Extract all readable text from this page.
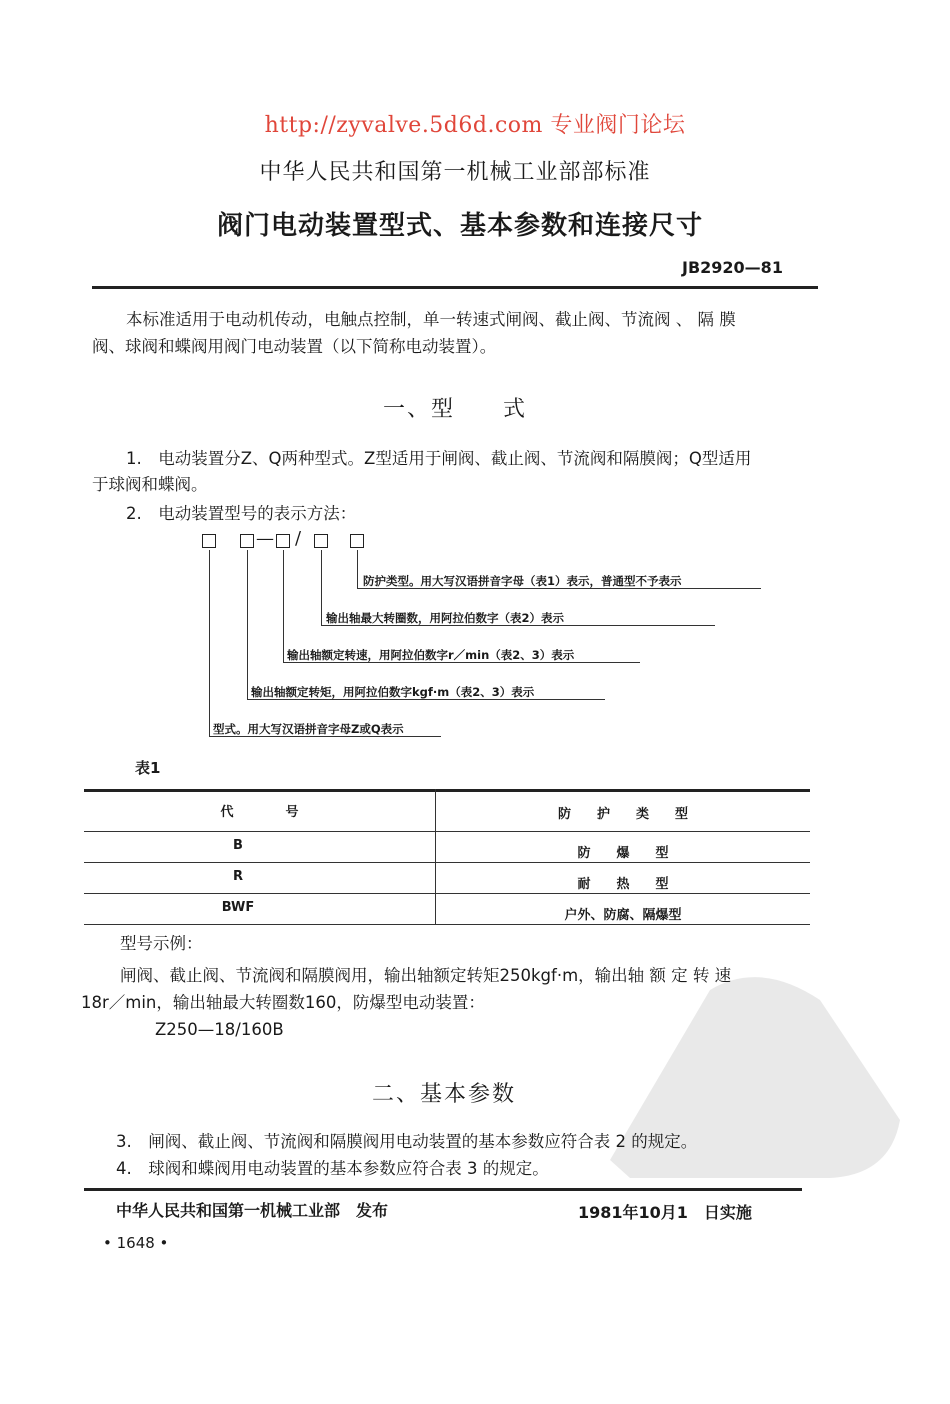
http://zyvalve.5d6d.com 专业阀门论坛
中华人民共和国第一机械工业部部标准
阀门电动装置型式、基本参数和连接尺寸
JB2920—81
本标准适用于电动机传动，电触点控制，单一转速式闸阀、截止阀、节流阀 、 隔 膜
阀、球阀和蝶阀用阀门电动装置（以下简称电动装置）。
一、型　　式
1.　电动装置分Z、Q两种型式。Z型适用于闸阀、截止阀、节流阀和隔膜阀；Q型适用
于球阀和蝶阀。
2.　电动装置型号的表示方法：
— /
防护类型。用大写汉语拼音字母（表1）表示，普通型不予表示
输出轴最大转圈数，用阿拉伯数字（表2）表示
输出轴额定转速，用阿拉伯数字r／min（表2、3）表示
输出轴额定转矩，用阿拉伯数字kgf·m（表2、3）表示
型式。用大写汉语拼音字母Z或Q表示
表1
代　　　　号	防　　护　　类　　型
B
防　　爆　　型
R
耐　　热　　型
BWF
户外、防腐、隔爆型
型号示例：
闸阀、截止阀、节流阀和隔膜阀用，输出轴额定转矩250kgf·m，输出轴 额 定 转 速
18r／min，输出轴最大转圈数160，防爆型电动装置：
Z250—18/160B
二、基本参数
3.　闸阀、截止阀、节流阀和隔膜阀用电动装置的基本参数应符合表 2 的规定。
4.　球阀和蝶阀用电动装置的基本参数应符合表 3 的规定。
中华人民共和国第一机械工业部　发布	1981年10月1　日实施
• 1648 •
